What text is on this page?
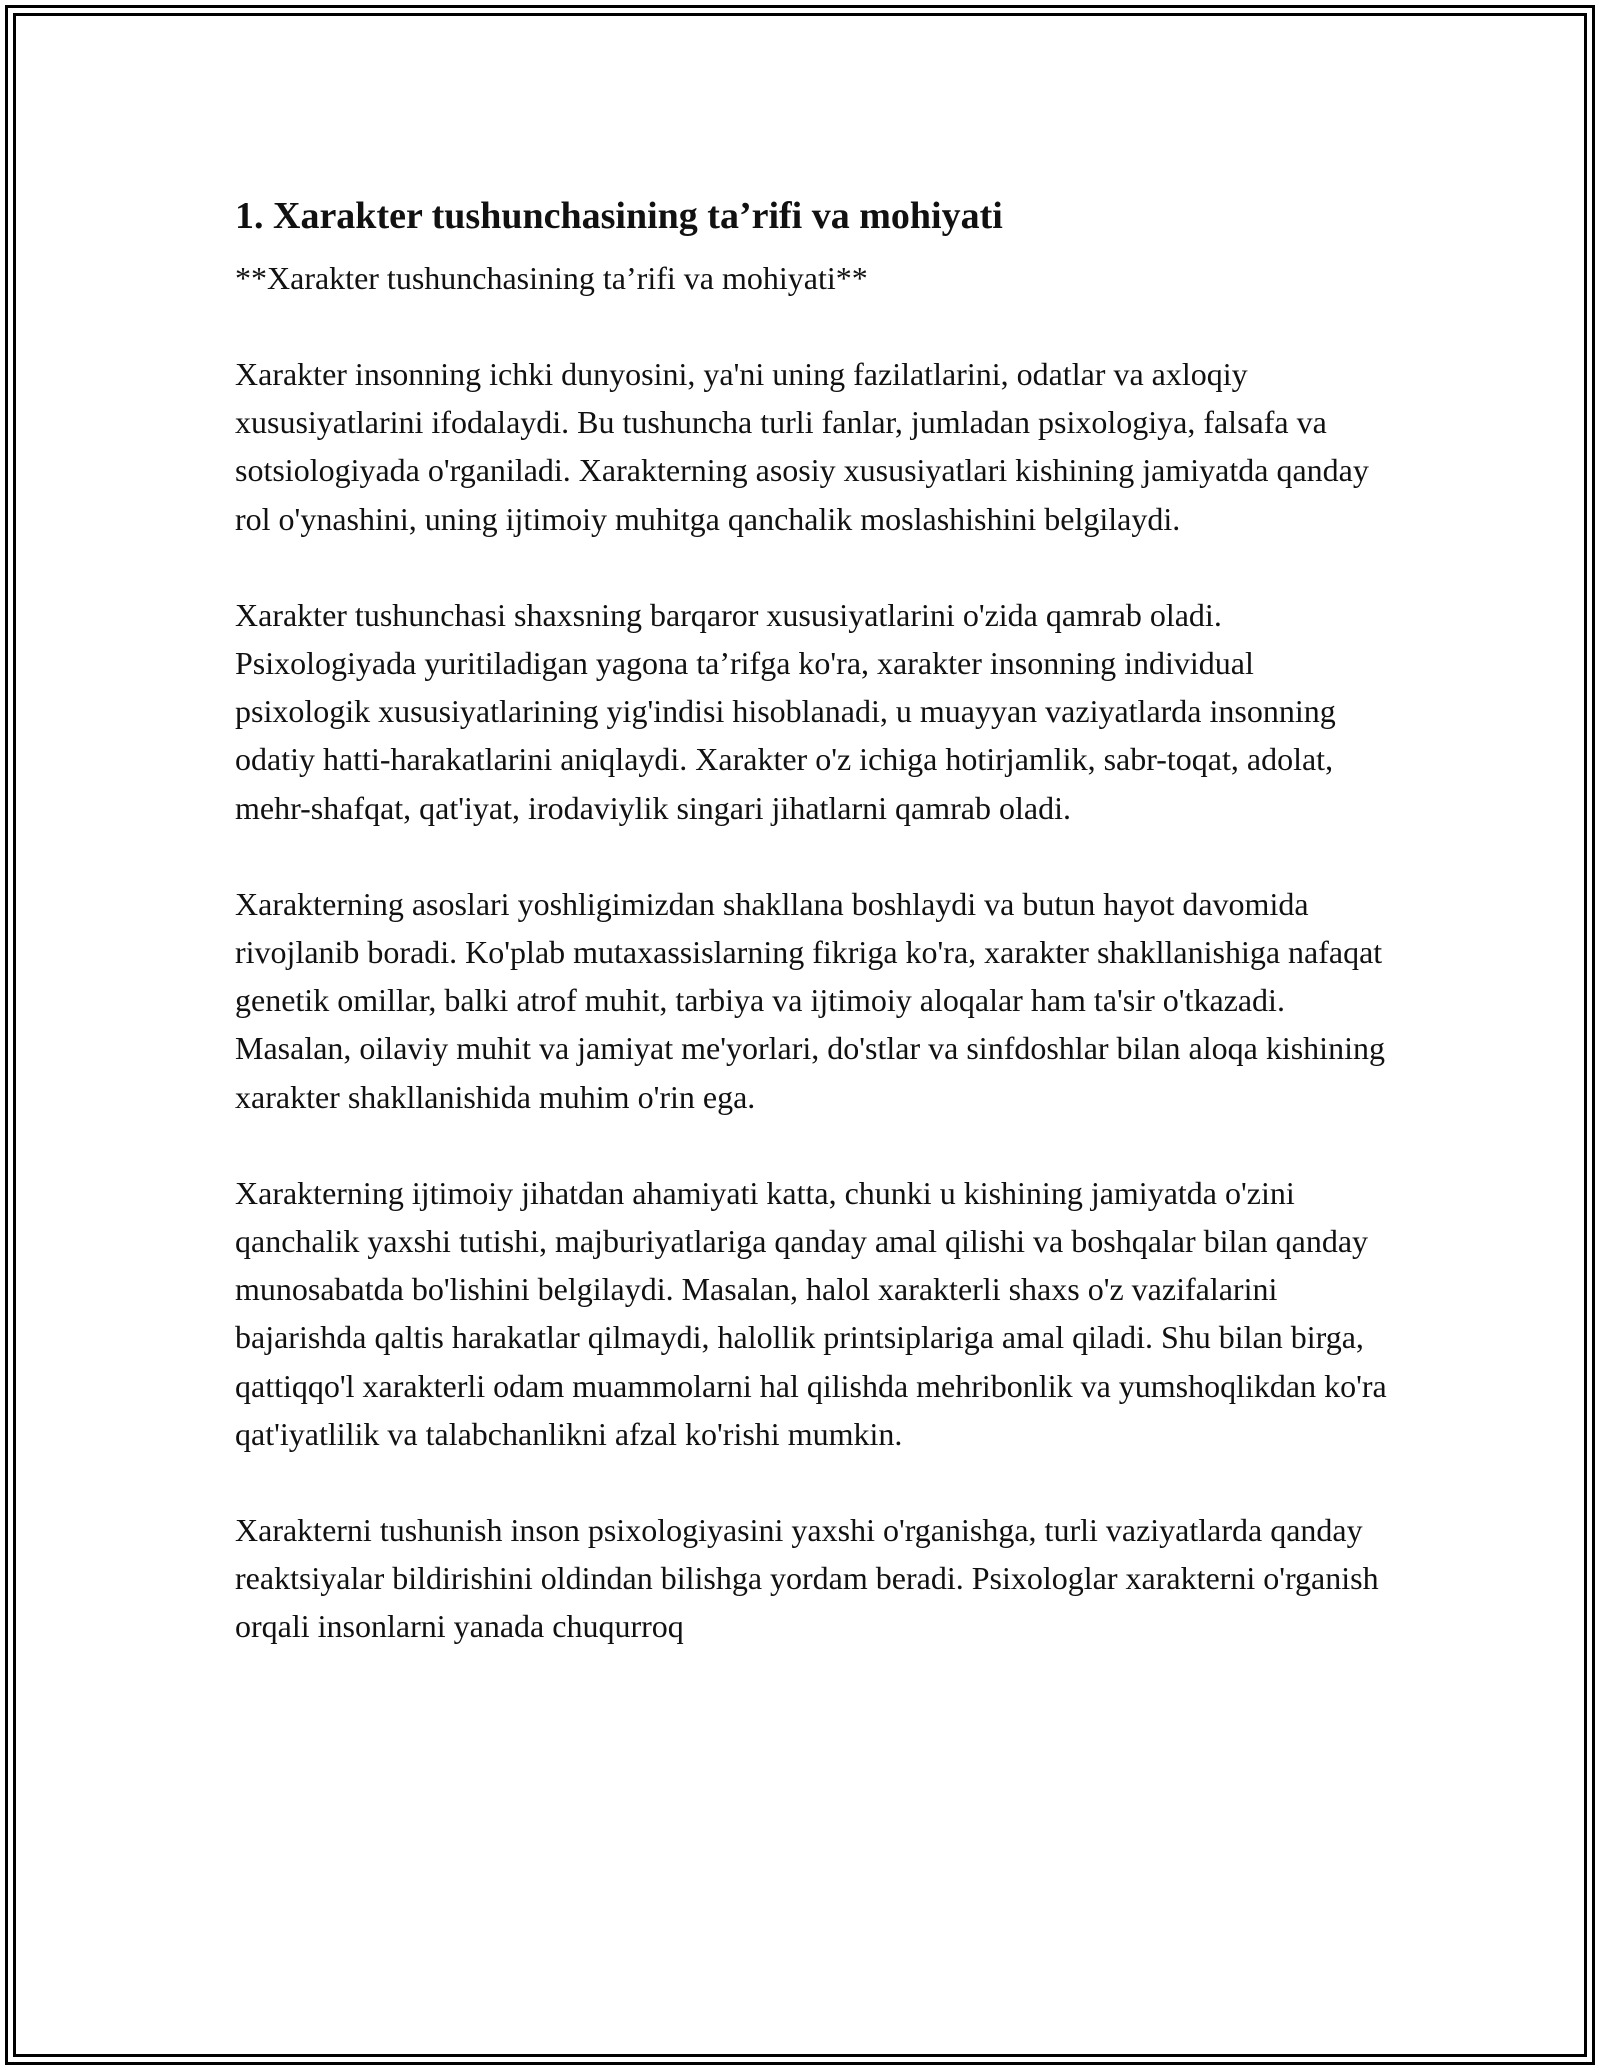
1. Xarakter tushunchasining ta’rifi va mohiyati

**Xarakter tushunchasining ta’rifi va mohiyati**

Xarakter insonning ichki dunyosini, ya'ni uning fazilatlarini, odatlar va axloqiy xususiyatlarini ifodalaydi. Bu tushuncha turli fanlar, jumladan psixologiya, falsafa va sotsiologiyada o'rganiladi. Xarakterning asosiy xususiyatlari kishining jamiyatda qanday rol o'ynashini, uning ijtimoiy muhitga qanchalik moslashishini belgilaydi.

Xarakter tushunchasi shaxsning barqaror xususiyatlarini o'zida qamrab oladi. Psixologiyada yuritiladigan yagona ta’rifga ko'ra, xarakter insonning individual psixologik xususiyatlarining yig'indisi hisoblanadi, u muayyan vaziyatlarda insonning odatiy hatti-harakatlarini aniqlaydi. Xarakter o'z ichiga hotirjamlik, sabr-toqat, adolat, mehr-shafqat, qat'iyat, irodaviylik singari jihatlarni qamrab oladi.

Xarakterning asoslari yoshligimizdan shakllana boshlaydi va butun hayot davomida rivojlanib boradi. Ko'plab mutaxassislarning fikriga ko'ra, xarakter shakllanishiga nafaqat genetik omillar, balki atrof muhit, tarbiya va ijtimoiy aloqalar ham ta'sir o'tkazadi. Masalan, oilaviy muhit va jamiyat me'yorlari, do'stlar va sinfdoshlar bilan aloqa kishining xarakter shakllanishida muhim o'rin ega.

Xarakterning ijtimoiy jihatdan ahamiyati katta, chunki u kishining jamiyatda o'zini qanchalik yaxshi tutishi, majburiyatlariga qanday amal qilishi va boshqalar bilan qanday munosabatda bo'lishini belgilaydi. Masalan, halol xarakterli shaxs o'z vazifalarini bajarishda qaltis harakatlar qilmaydi, halollik printsiplariga amal qiladi. Shu bilan birga, qattiqqo'l xarakterli odam muammolarni hal qilishda mehribonlik va yumshoqlikdan ko'ra qat'iyatlilik va talabchanlikni afzal ko'rishi mumkin.

Xarakterni tushunish inson psixologiyasini yaxshi o'rganishga, turli vaziyatlarda qanday reaktsiyalar bildirishini oldindan bilishga yordam beradi. Psixologlar xarakterni o'rganish orqali insonlarni yanada chuqurroq
